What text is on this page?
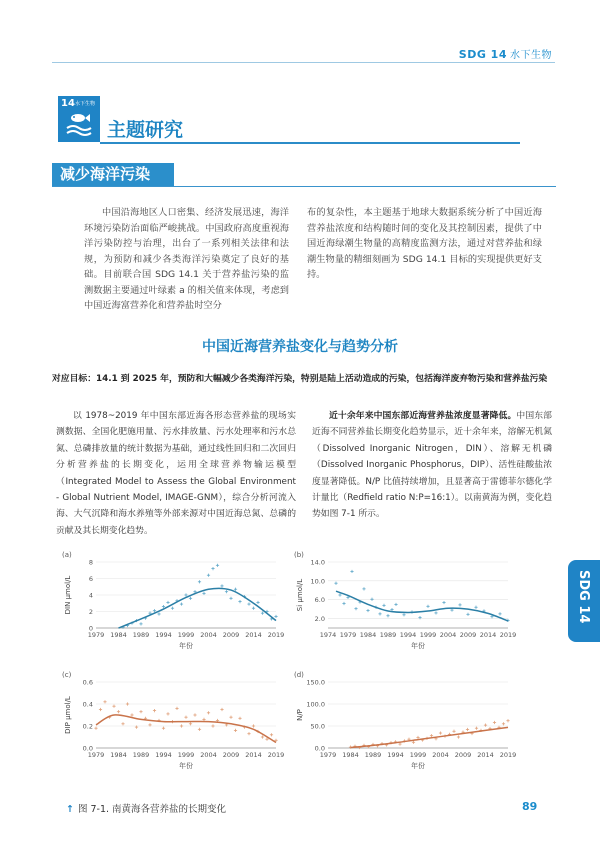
SDG 14 水下生物
14 水下生物
主题研究
减少海洋污染
中国沿海地区人口密集、经济发展迅速，海洋环境污染防治面临严峻挑战。中国政府高度重视海洋污染防控与治理，出台了一系列相关法律和法规，为预防和减少各类海洋污染奠定了良好的基础。目前联合国 SDG 14.1 关于营养盐污染的监测数据主要通过叶绿素 a 的相关值来体现，考虑到中国近海富营养化和营养盐时空分
布的复杂性，本主题基于地球大数据系统分析了中国近海营养盐浓度和结构随时间的变化及其控制因素，提供了中国近海绿潮生物量的高精度监测方法，通过对营养盐和绿潮生物量的精细刻画为 SDG 14.1 目标的实现提供更好支持。
中国近海营养盐变化与趋势分析
对应目标：14.1 到 2025 年，预防和大幅减少各类海洋污染，特别是陆上活动造成的污染，包括海洋废弃物污染和营养盐污染
以 1978~2019 年中国东部近海各形态营养盐的现场实测数据、全国化肥施用量、污水排放量、污水处理率和污水总氮、总磷排放量的统计数据为基础，通过线性回归和二次回归分析营养盐的长期变化，运用全球营养物输运模型（Integrated Model to Assess the Global Environment - Global Nutrient Model, IMAGE-GNM），综合分析河流入海、大气沉降和海水养殖等外部来源对中国近海总氮、总磷的贡献及其长期变化趋势。
近十余年来中国东部近海营养盐浓度显著降低。中国东部近海不同营养盐长期变化趋势显示，近十余年来，溶解无机氮（Dissolved Inorganic Nitrogen，DIN）、溶解无机磷（Dissolved Inorganic Phosphorus，DIP）、活性硅酸盐浓度显著降低。N/P 比值持续增加，且显著高于雷德菲尔德化学计量比（Redfield ratio N:P=16:1）。以南黄海为例，变化趋势如图 7-1 所示。
SDG 14
(a)
0
2
4
6
8
1979 1984 1989 1994 1999 2004 2009 2014 2019
年份
DIN μmol/L
(b)
2.0
6.0
10.0
14.0
1974 1979 1984 1989 1994 1999 2004 2009 2014 2019
年份
Si μmol/L
(c)
0.0
0.2
0.4
0.6
1979 1984 1989 1994 1999 2004 2009 2014 2019
年份
DIP μmol/L
(d)
0.0
50.0
100.0
150.0
1979 1984 1989 1994 1999 2004 2009 2014 2019
年份
N/P
↑ 图 7-1. 南黄海各营养盐的长期变化	89
